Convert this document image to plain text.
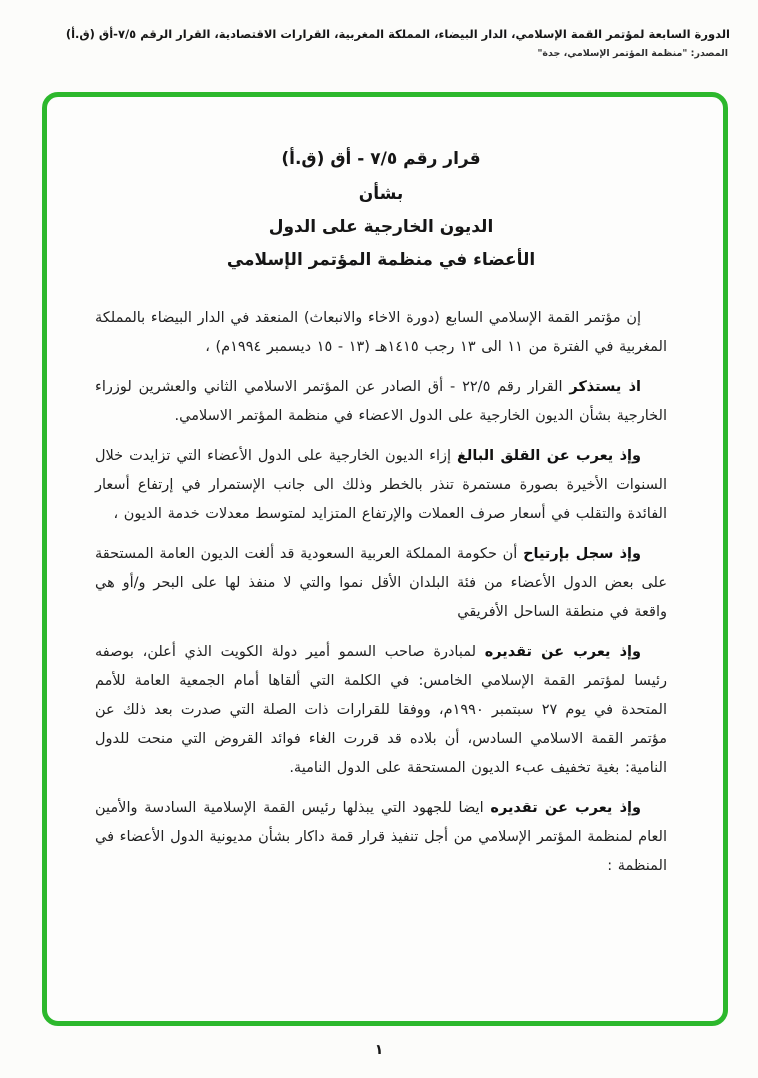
الدورة السابعة لمؤتمر القمة الإسلامي، الدار البيضاء، المملكة المغربية، القرارات الاقتصادية، القرار الرقم ٧/٥-أق (ق.أ)
المصدر: "منظمة المؤتمر الإسلامي، جدة"
قرار رقم ٧/٥ - أق (ق.أ)
بشأن
الديون الخارجية على الدول
الأعضاء في منظمة المؤتمر الإسلامي

إن مؤتمر القمة الإسلامي السابع (دورة الاخاء والانبعاث) المنعقد في الدار البيضاء بالمملكة المغربية في الفترة من ١١ الى ١٣ رجب ١٤١٥هـ (١٣ - ١٥ ديسمبر ١٩٩٤م) ،

اذ يستذكر القرار رقم ٢٢/٥ - أق الصادر عن المؤتمر الاسلامي الثاني والعشرين لوزراء الخارجية بشأن الديون الخارجية على الدول الاعضاء في منظمة المؤتمر الاسلامي.

وإذ يعرب عن القلق البالغ إزاء الديون الخارجية على الدول الأعضاء التي تزايدت خلال السنوات الأخيرة بصورة مستمرة تنذر بالخطر وذلك الى جانب الإستمرار في إرتفاع أسعار الفائدة والتقلب في أسعار صرف العملات والإرتفاع المتزايد لمتوسط معدلات خدمة الديون ،

وإذ سجل بإرتياح أن حكومة المملكة العربية السعودية قد ألغت الديون العامة المستحقة على بعض الدول الأعضاء من فئة البلدان الأقل نموا والتي لا منفذ لها على البحر و/أو هي واقعة في منطقة الساحل الأفريقي

وإذ يعرب عن تقديره لمبادرة صاحب السمو أمير دولة الكويت الذي أعلن، بوصفه رئيسا لمؤتمر القمة الإسلامي الخامس: في الكلمة التي ألقاها أمام الجمعية العامة للأمم المتحدة في يوم ٢٧ سبتمبر ١٩٩٠م، ووفقا للقرارات ذات الصلة التي صدرت بعد ذلك عن مؤتمر القمة الاسلامي السادس، أن بلاده قد قررت الغاء فوائد القروض التي منحت للدول النامية: بغية تخفيف عبء الديون المستحقة على الدول النامية.

وإذ يعرب عن تقديره ايضا للجهود التي يبذلها رئيس القمة الإسلامية السادسة والأمين العام لمنظمة المؤتمر الإسلامي من أجل تنفيذ قرار قمة داكار بشأن مديونية الدول الأعضاء في المنظمة :

١
